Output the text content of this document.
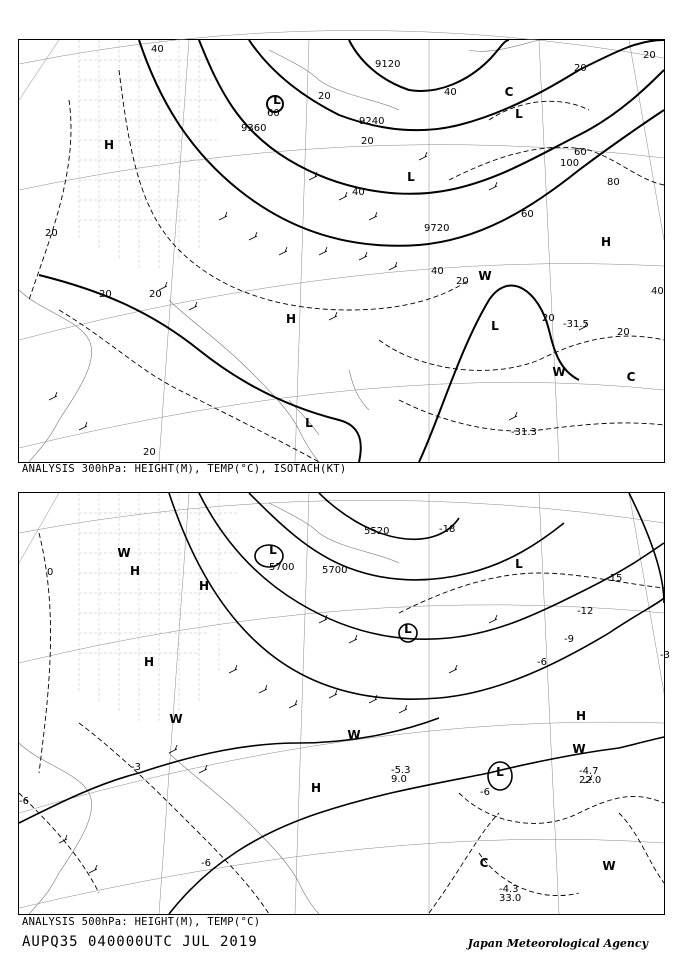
L
L
L
L
L
H
H
H
C
C
W
W
40
60
9360
9120
9240
20
20
20
20
40
40
40
40
60
60
80
100
20
20	20
20
20
20
20
9720
-31.3
-31.5
ANALYSIS 300hPa: HEIGHT(M), TEMP(°C), ISOTACH(KT)
L
L
L
L
H
H
H
H
H
C
W
W
W
W
W
5700	5700
5520	-18
-15
-12
-9
-6
-3
-3
-6
-6
0
-6
-4.3
33.0
-4.7
22.0
-5.3
9.0
ANALYSIS 500hPa: HEIGHT(M), TEMP(°C)
AUPQ35 040000UTC JUL 2019	Japan Meteorological Agency
